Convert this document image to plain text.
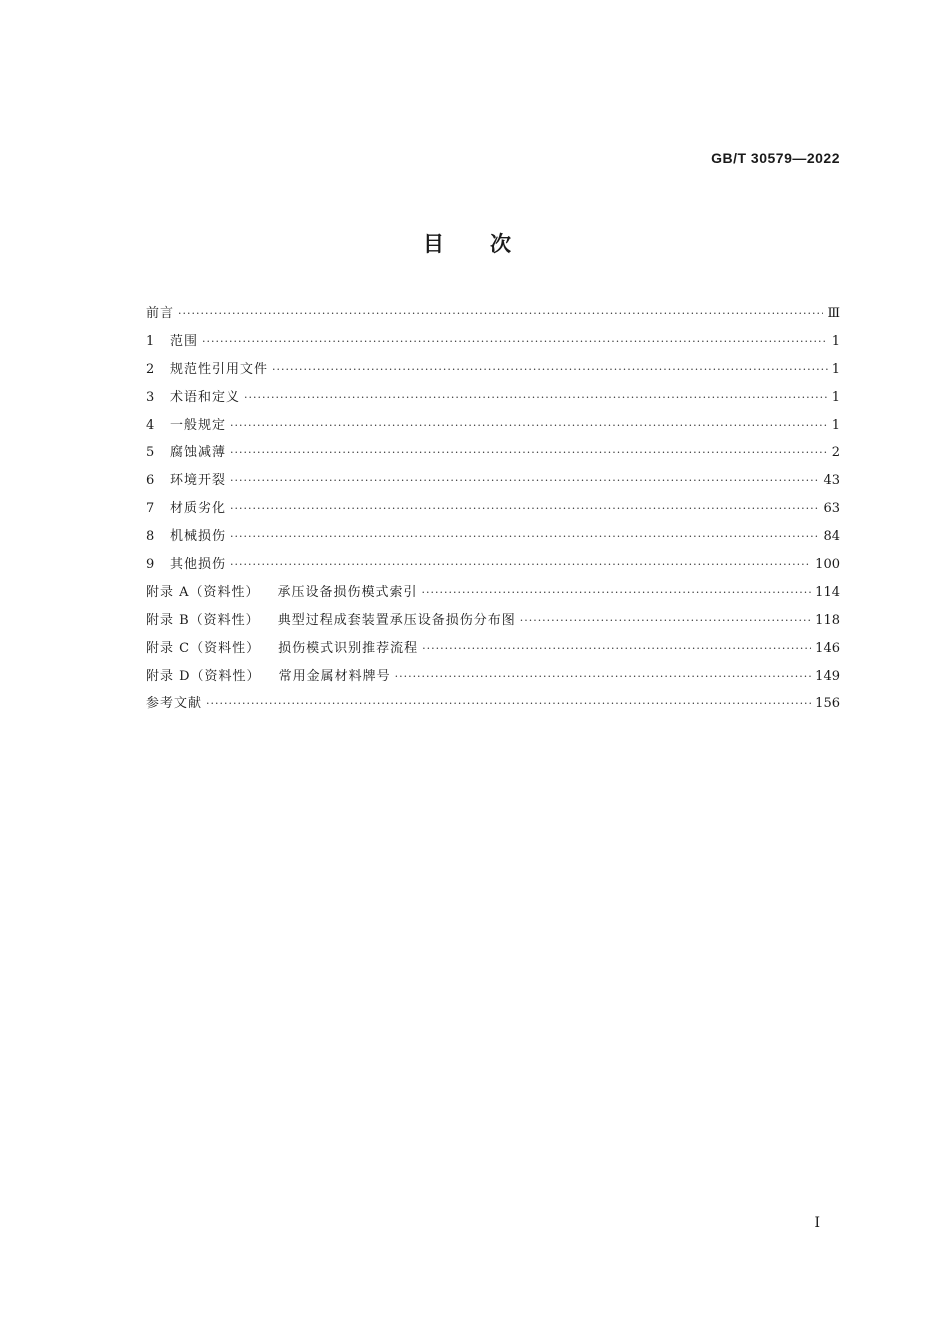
GB/T 30579—2022
目次
前言 ·····	Ⅲ
1	范围 ·····	1
2	规范性引用文件 ·····	1
3	术语和定义 ·····	1
4	一般规定 ·····	1
5	腐蚀减薄 ·····	2
6	环境开裂 ·····	43
7	材质劣化 ·····	63
8	机械损伤 ·····	84
9	其他损伤 ·····	100
附录 A（资料性） 承压设备损伤模式索引 ·····	114
附录 B（资料性） 典型过程成套装置承压设备损伤分布图 ·····	118
附录 C（资料性） 损伤模式识别推荐流程 ·····	146
附录 D（资料性） 常用金属材料牌号 ·····	149
参考文献 ·····	156
I
